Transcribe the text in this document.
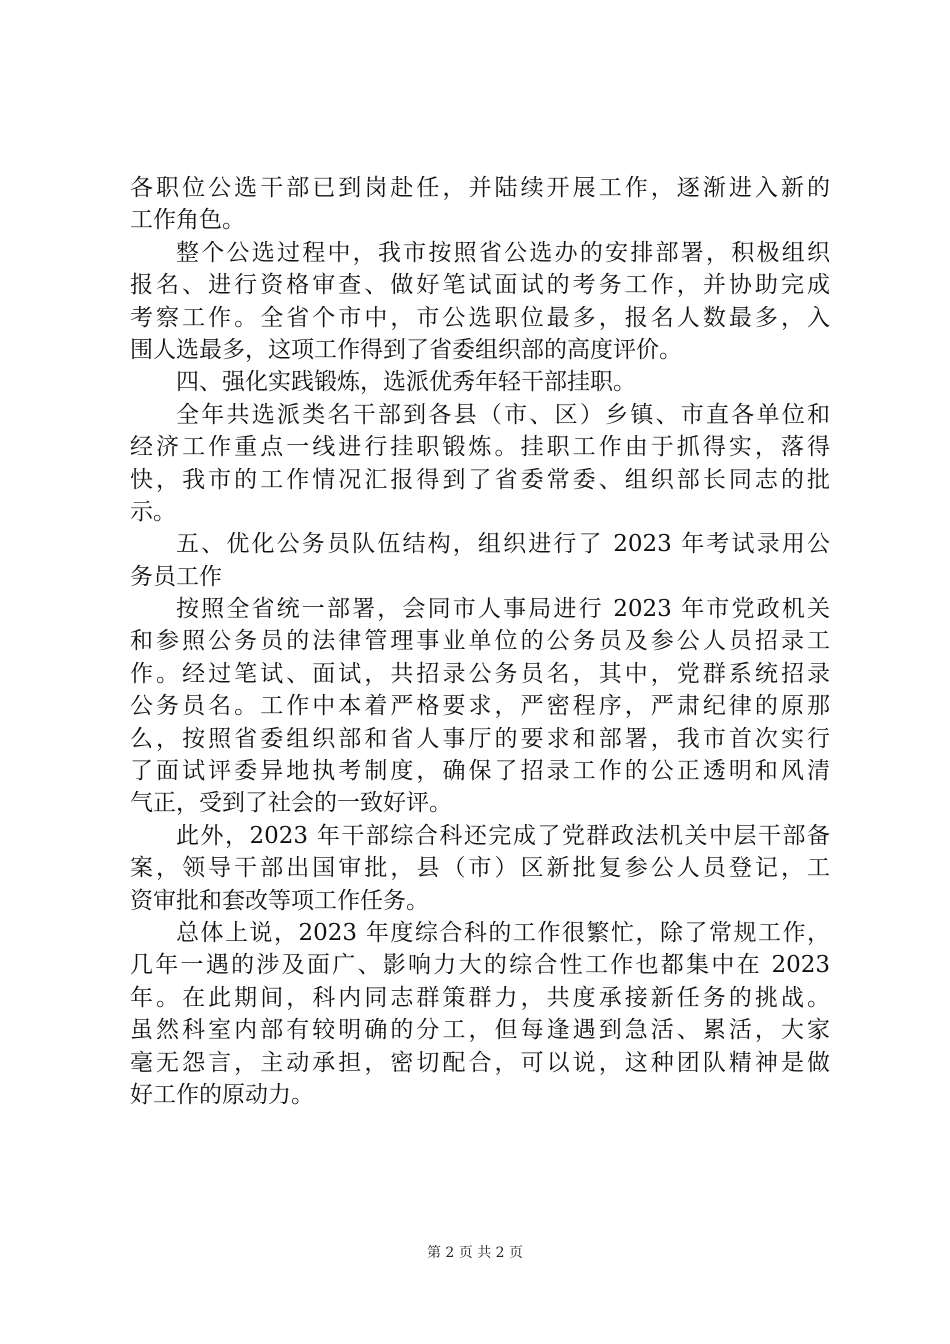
各职位公选干部已到岗赴任，并陆续开展工作，逐渐进入新的
工作角色。
整个公选过程中，我市按照省公选办的安排部署，积极组织
报名、进行资格审查、做好笔试面试的考务工作，并协助完成
考察工作。全省个市中，市公选职位最多，报名人数最多，入
围人选最多，这项工作得到了省委组织部的高度评价。
四、强化实践锻炼，选派优秀年轻干部挂职。
全年共选派类名干部到各县（市、区）乡镇、市直各单位和
经济工作重点一线进行挂职锻炼。挂职工作由于抓得实，落得
快，我市的工作情况汇报得到了省委常委、组织部长同志的批
示。
五、优化公务员队伍结构，组织进行了 2023 年考试录用公
务员工作
按照全省统一部署，会同市人事局进行 2023 年市党政机关
和参照公务员的法律管理事业单位的公务员及参公人员招录工
作。经过笔试、面试，共招录公务员名，其中，党群系统招录
公务员名。工作中本着严格要求，严密程序，严肃纪律的原那
么，按照省委组织部和省人事厅的要求和部署，我市首次实行
了面试评委异地执考制度，确保了招录工作的公正透明和风清
气正，受到了社会的一致好评。
此外，2023 年干部综合科还完成了党群政法机关中层干部备
案，领导干部出国审批，县（市）区新批复参公人员登记，工
资审批和套改等项工作任务。
总体上说，2023 年度综合科的工作很繁忙，除了常规工作，
几年一遇的涉及面广、影响力大的综合性工作也都集中在 2023
年。在此期间，科内同志群策群力，共度承接新任务的挑战。
虽然科室内部有较明确的分工，但每逢遇到急活、累活，大家
毫无怨言，主动承担，密切配合，可以说，这种团队精神是做
好工作的原动力。
第 2 页 共 2 页
